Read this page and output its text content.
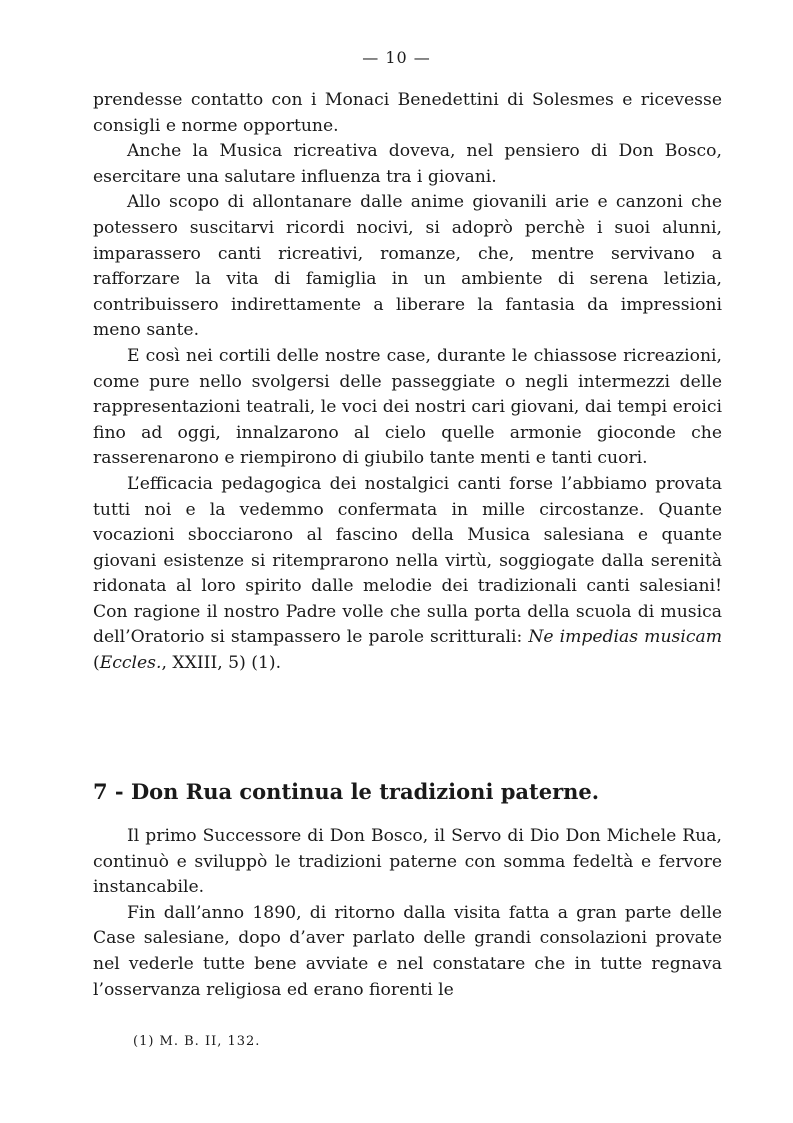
— 10 —

prendesse contatto con i Monaci Benedettini di Solesmes e ricevesse consigli e norme opportune.

Anche la Musica ricreativa doveva, nel pensiero di Don Bosco, esercitare una salutare influenza tra i giovani.

Allo scopo di allontanare dalle anime giovanili arie e canzoni che potessero suscitarvi ricordi nocivi, si adoprò perchè i suoi alunni, imparassero canti ricreativi, romanze, che, mentre servivano a rafforzare la vita di famiglia in un ambiente di serena letizia, contribuissero indirettamente a liberare la fantasia da impressioni meno sante.

E così nei cortili delle nostre case, durante le chiassose ricreazioni, come pure nello svolgersi delle passeggiate o negli intermezzi delle rappresentazioni teatrali, le voci dei nostri cari giovani, dai tempi eroici fino ad oggi, innalzarono al cielo quelle armonie gioconde che rasserenarono e riempirono di giubilo tante menti e tanti cuori.

L’efficacia pedagogica dei nostalgici canti forse l’abbiamo provata tutti noi e la vedemmo confermata in mille circostanze. Quante vocazioni sbocciarono al fascino della Musica salesiana e quante giovani esistenze si ritemprarono nella virtù, soggiogate dalla serenità ridonata al loro spirito dalle melodie dei tradizionali canti salesiani! Con ragione il nostro Padre volle che sulla porta della scuola di musica dell’Oratorio si stampassero le parole scritturali: Ne impedias musicam (Eccles., XXIII, 5) (1).

7 - Don Rua continua le tradizioni paterne.

Il primo Successore di Don Bosco, il Servo di Dio Don Michele Rua, continuò e sviluppò le tradizioni paterne con somma fedeltà e fervore instancabile.

Fin dall’anno 1890, di ritorno dalla visita fatta a gran parte delle Case salesiane, dopo d’aver parlato delle grandi consolazioni provate nel vederle tutte bene avviate e nel constatare che in tutte regnava l’osservanza religiosa ed erano fiorenti le

(1) M. B. II, 132.
